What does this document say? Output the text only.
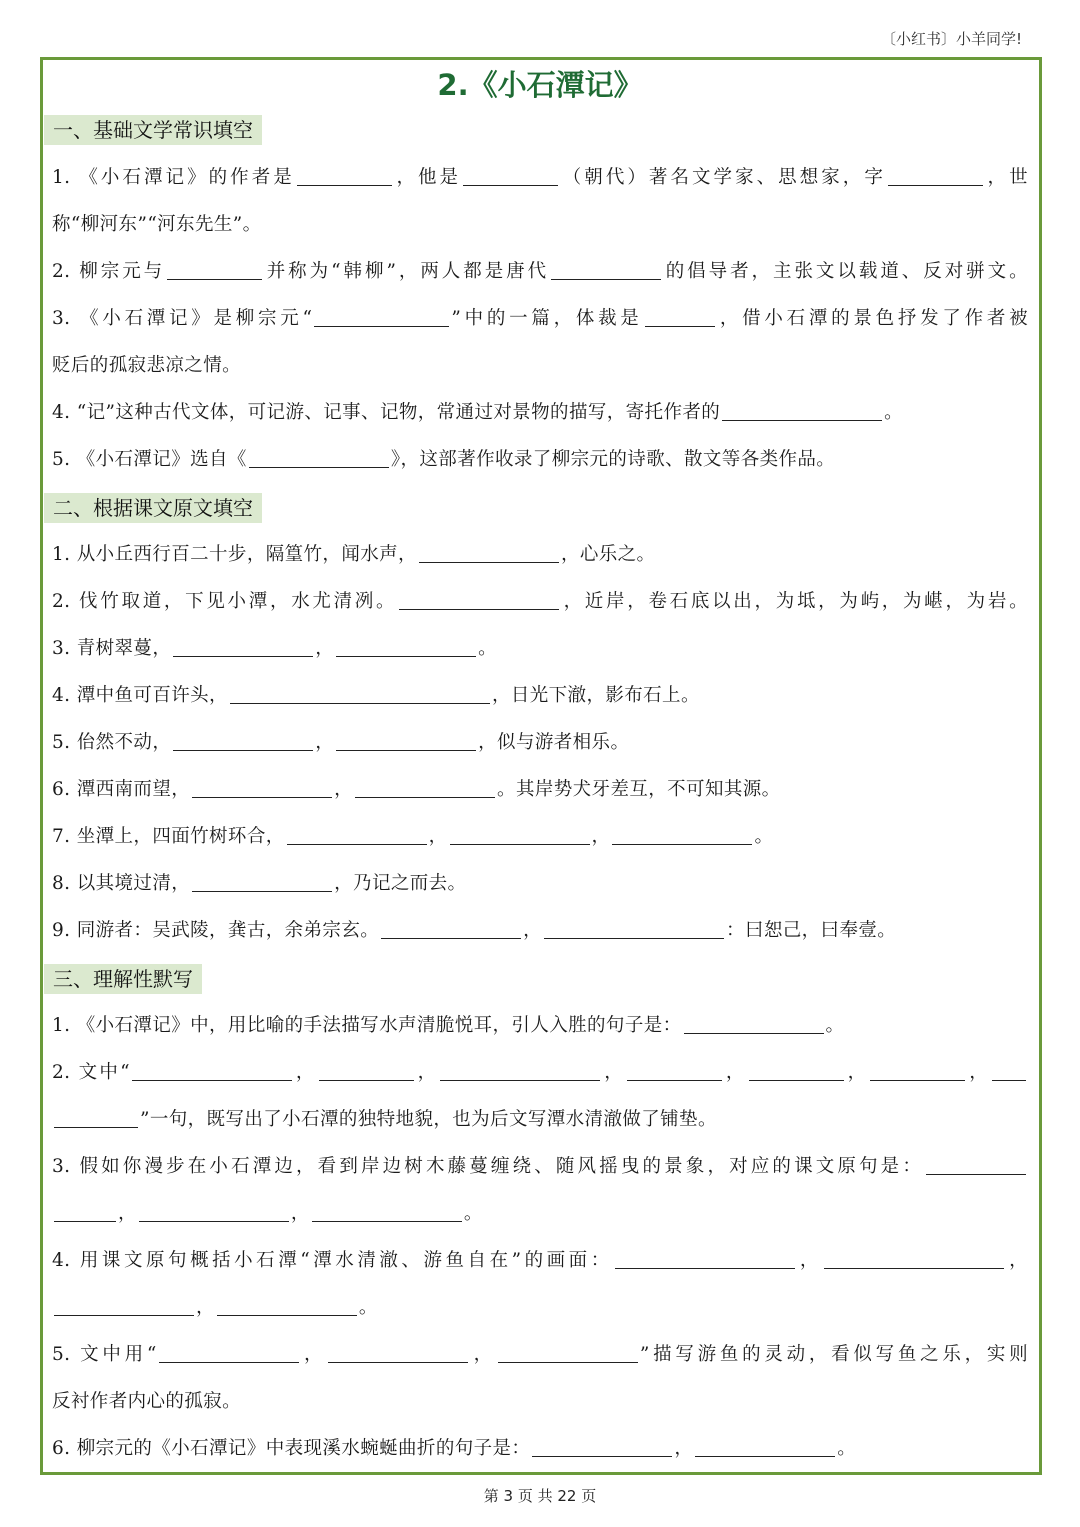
〔小红书〕小羊同学!
2.《小石潭记》
一、基础文学常识填空
1. 《小石潭记》的作者是	，他是	（朝代）著名文学家、思想家，字	，世
称“柳河东”“河东先生”。
2. 柳宗元与	并称为“韩柳”，两人都是唐代	的倡导者，主张文以载道、反对骈文。
3. 《小石潭记》是柳宗元“	”中的一篇，体裁是	，借小石潭的景色抒发了作者被
贬后的孤寂悲凉之情。
4. “记”这种古代文体，可记游、记事、记物，常通过对景物的描写，寄托作者的	。
5. 《小石潭记》选自《	》，这部著作收录了柳宗元的诗歌、散文等各类作品。
二、根据课文原文填空
1. 从小丘西行百二十步，隔篁竹，闻水声，	，心乐之。
2. 伐竹取道，下见小潭，水尤清冽。	，近岸，卷石底以出，为坻，为屿，为嵁，为岩。
3. 青树翠蔓，	，	。
4. 潭中鱼可百许头，	，日光下澈，影布石上。
5. 佁然不动，	，	，似与游者相乐。
6. 潭西南而望，	，	。其岸势犬牙差互，不可知其源。
7. 坐潭上，四面竹树环合，	，	，	。
8. 以其境过清，	，乃记之而去。
9. 同游者：吴武陵，龚古，余弟宗玄。	，	：曰恕己，曰奉壹。
三、理解性默写
1. 《小石潭记》中，用比喻的手法描写水声清脆悦耳，引人入胜的句子是：	。
2. 文中“	，	，	，	，	，	，
”一句，既写出了小石潭的独特地貌，也为后文写潭水清澈做了铺垫。
3. 假如你漫步在小石潭边，看到岸边树木藤蔓缠绕、随风摇曳的景象，对应的课文原句是：
，	，	。
4. 用课文原句概括小石潭“潭水清澈、游鱼自在”的画面：	，	，
，	。
5. 文中用“	，	，	”描写游鱼的灵动，看似写鱼之乐，实则
反衬作者内心的孤寂。
6. 柳宗元的《小石潭记》中表现溪水蜿蜒曲折的句子是：	，	。
第 3 页 共 22 页
